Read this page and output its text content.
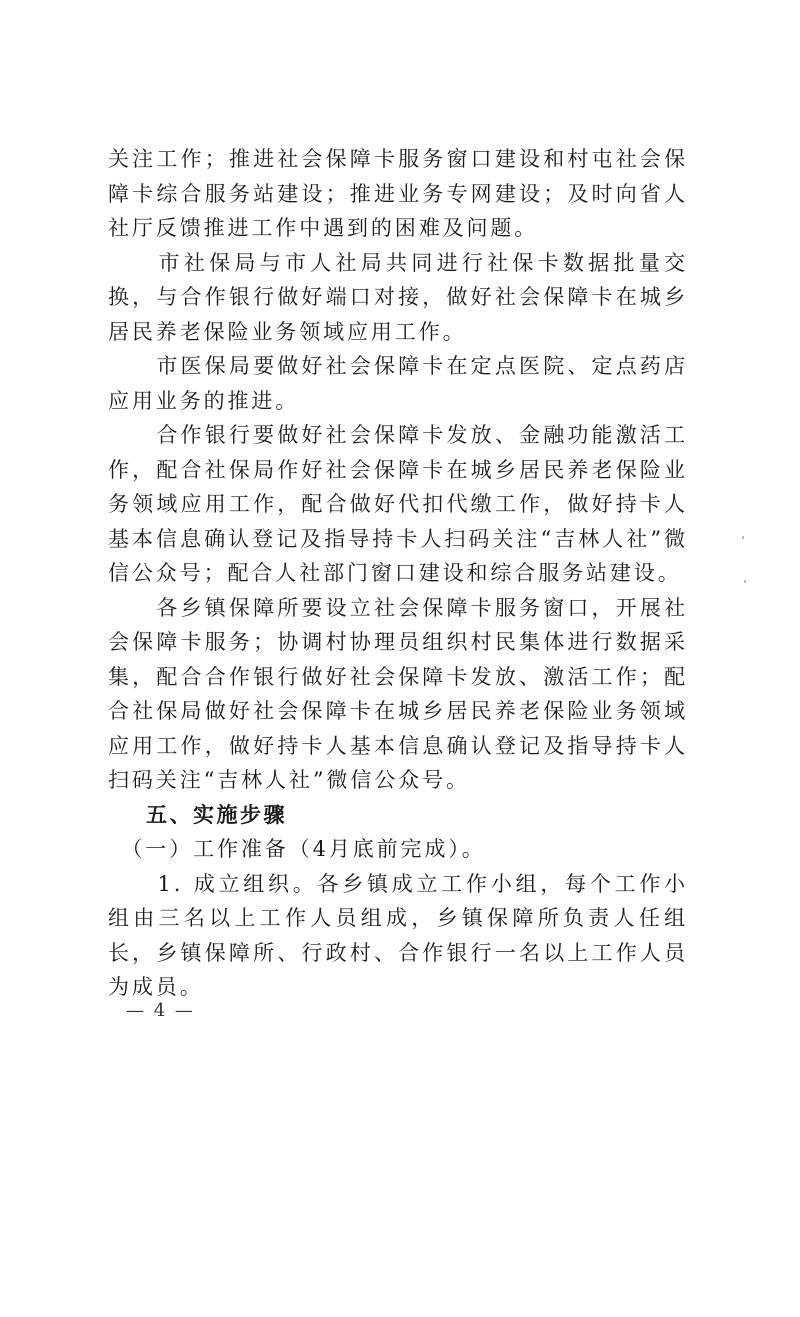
关注工作；推进社会保障卡服务窗口建设和村屯社会保障卡综合服务站建设；推进业务专网建设；及时向省人社厅反馈推进工作中遇到的困难及问题。

　　市社保局与市人社局共同进行社保卡数据批量交换，与合作银行做好端口对接，做好社会保障卡在城乡居民养老保险业务领域应用工作。

　　市医保局要做好社会保障卡在定点医院、定点药店应用业务的推进。

　　合作银行要做好社会保障卡发放、金融功能激活工作，配合社保局作好社会保障卡在城乡居民养老保险业务领域应用工作，配合做好代扣代缴工作，做好持卡人基本信息确认登记及指导持卡人扫码关注“吉林人社”微信公众号；配合人社部门窗口建设和综合服务站建设。

　　各乡镇保障所要设立社会保障卡服务窗口，开展社会保障卡服务；协调村协理员组织村民集体进行数据采集，配合合作银行做好社会保障卡发放、激活工作；配合社保局做好社会保障卡在城乡居民养老保险业务领域应用工作，做好持卡人基本信息确认登记及指导持卡人扫码关注“吉林人社”微信公众号。

五、实施步骤

　（一）工作准备（4月底前完成）。

　　1. 成立组织。各乡镇成立工作小组，每个工作小组由三名以上工作人员组成，乡镇保障所负责人任组长，乡镇保障所、行政村、合作银行一名以上工作人员为成员。

— 4 —
